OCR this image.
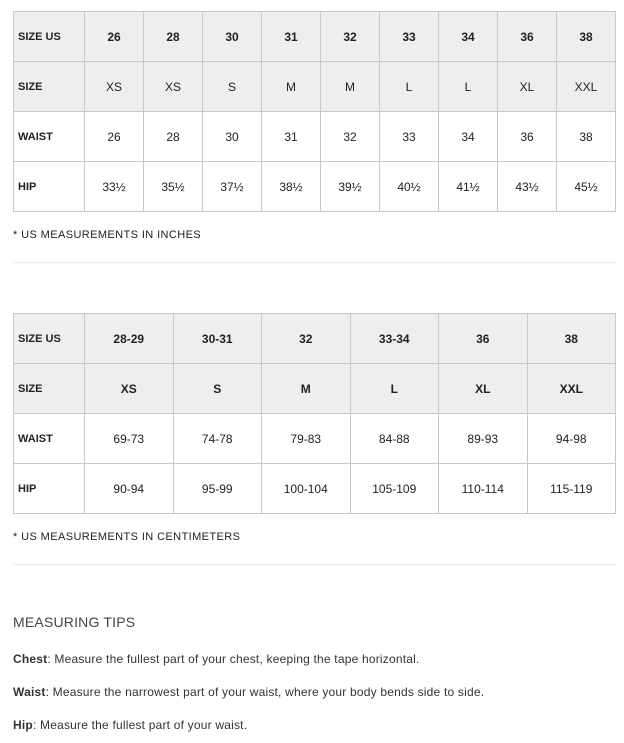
SIZE US	26	28	30	31	32	33	34	36	38
SIZE	XS	XS	S	M	M	L	L	XL	XXL
WAIST	26	28	30	31	32	33	34	36	38
HIP	33½	35½	37½	38½	39½	40½	41½	43½	45½
* US MEASUREMENTS IN INCHES
SIZE US	28-29	30-31	32	33-34	36	38
SIZE	XS	S	M	L	XL	XXL
WAIST	69-73	74-78	79-83	84-88	89-93	94-98
HIP	90-94	95-99	100-104	105-109	110-114	115-119
* US MEASUREMENTS IN CENTIMETERS
MEASURING TIPS
Chest: Measure the fullest part of your chest, keeping the tape horizontal.
Waist: Measure the narrowest part of your waist, where your body bends side to side.
Hip: Measure the fullest part of your waist.
